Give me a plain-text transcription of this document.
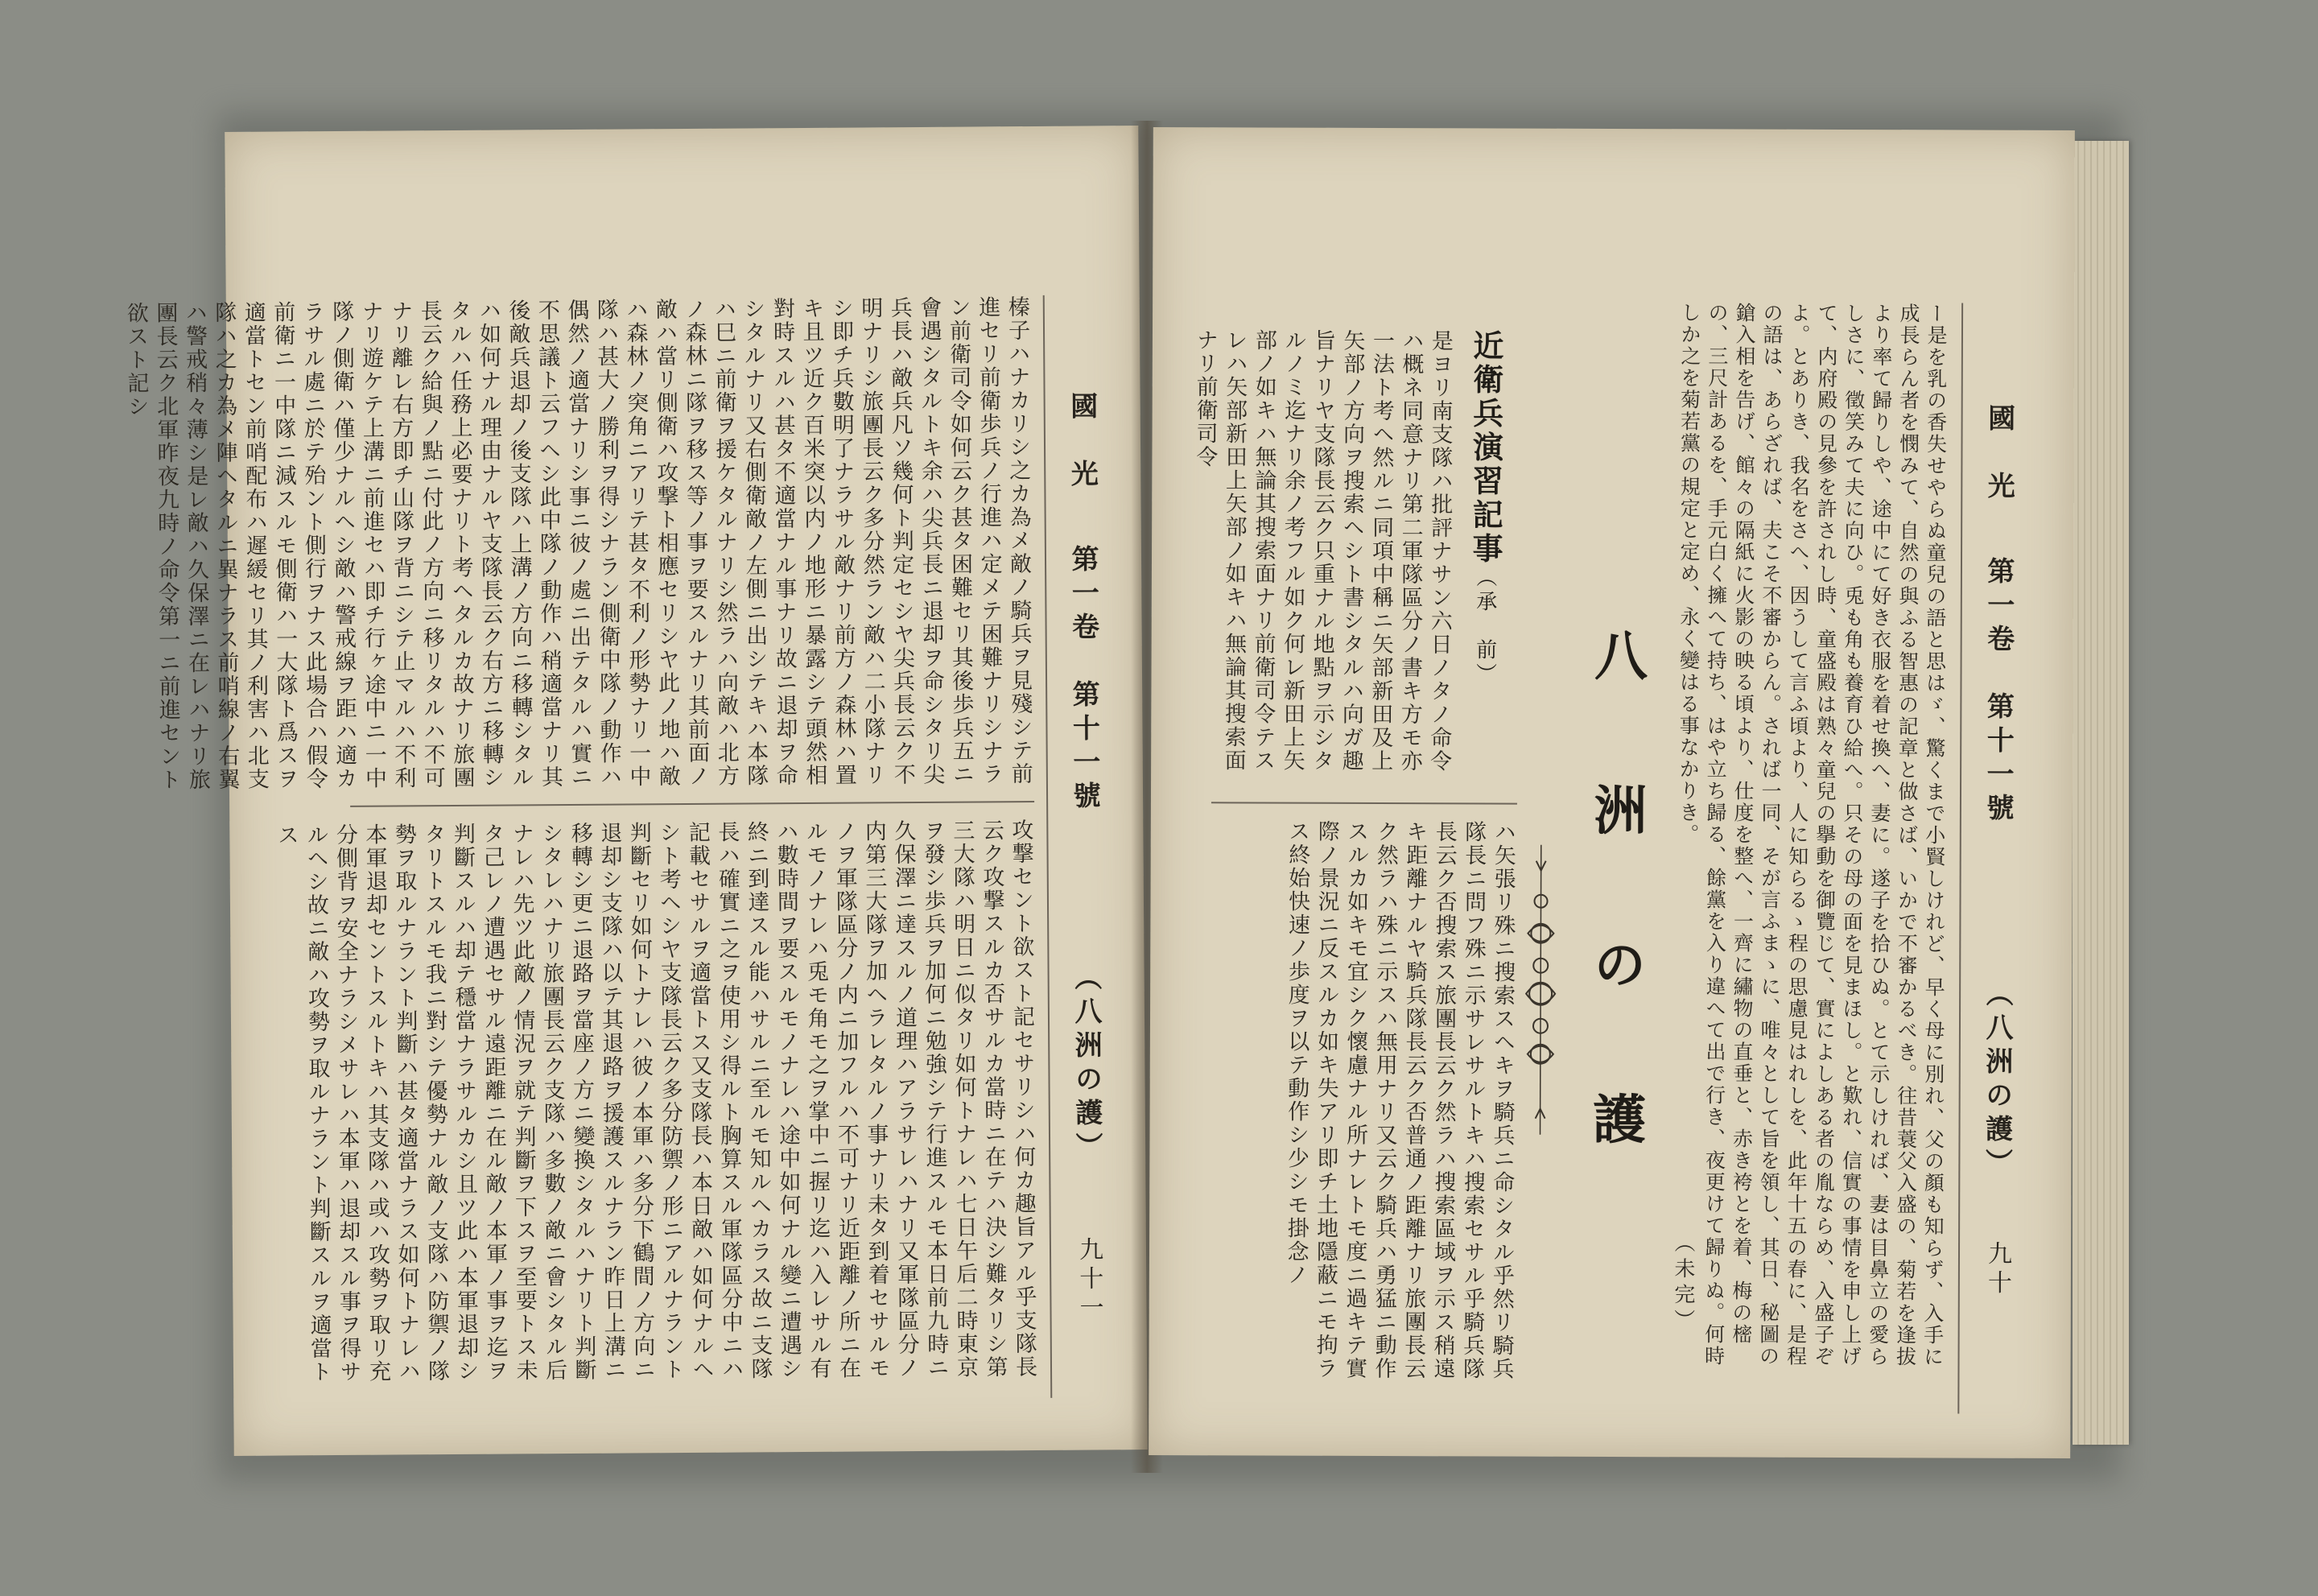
國　光
第一卷　第十一號
（八洲の護）
九十一
榛子ハナカリシ之カ為メ敵ノ騎兵ヲ見殘シテ前進セリ前衛歩兵ノ行進ハ定メテ困難ナリシナラン前衛司令如何云ク甚タ困難セリ其後歩兵五ニ會遇シタルトキ余ハ尖兵長ニ退却ヲ命シタリ尖兵長ハ敵兵凡ソ幾何ト判定セシヤ尖兵長云ク不明ナリシ旅團長云ク多分然ラン敵ハ二小隊ナリシ即チ兵數明了ナラサル敵ナリ前方ノ森林ハ置キ且ツ近ク百米突以内ノ地形ニ暴露シテ頭然相對時スルハ甚タ不適當ナル事ナリ故ニ退却ヲ命シタルナリ又右側衛敵ノ左側ニ出シテキハ本隊ハ巳ニ前衛ヲ援ケタルナリシ然ラハ向敵ハ北方ノ森林ニ隊ヲ移ス等ノ事ヲ要スルナリ其前面ノ敵ハ當リ側衛ハ攻撃ト相應セリシヤ此ノ地ハ敵ハ森林ノ突角ニアリテ甚タ不利ノ形勢ナリ一中隊ハ甚大ノ勝利ヲ得シナラン側衛中隊ノ動作ハ偶然ノ適當ナリシ事ニ彼ノ處ニ出テタルハ實ニ不思議ト云フヘシ此中隊ノ動作ハ稍適當ナリ其後敵兵退却ノ後支隊ハ上溝ノ方向ニ移轉シタルハ如何ナル理由ナルヤ支隊長云ク右方ニ移轉シタルハ任務上必要ナリト考ヘタルカ故ナリ旅團長云ク給與ノ點ニ付此ノ方向ニ移リタルハ不可ナリ離レ右方即チ山隊ヲ背ニシテ止マルハ不利ナリ遊ケテ上溝ニ前進セハ即チ行ヶ途中ニ一中隊ノ側衛ハ僅少ナルヘシ敵ハ警戒線ヲ距ハ適カラサル處ニ於テ殆ント側行ヲナス此場合ハ假令前衛ニ一中隊ニ減スルモ側衛ハ一大隊ト爲スヲ適當トセン前哨配布ハ遲緩セリ其ノ利害ハ北支隊ハ之カ為メ陣ヘタルニ異ナラス前哨線ノ右翼ハ警戒稍々薄シ是レ敵ハ久保澤ニ在レハナリ旅團長云ク北軍昨夜九時ノ命令第一ニ前進セント欲スト記シ
攻撃セント欲スト記セサリシハ何カ趣旨アル乎支隊長云ク攻撃スルカ否サルカ當時ニ在テハ決シ難タリシ第三大隊ハ明日ニ似タリ如何トナレハ七日午后二時東京ヲ發シ歩兵ヲ加何ニ勉強シテ行進スルモ本日前九時ニ久保澤ニ達スルノ道理ハアラサレハナリ又軍隊區分ノ内第三大隊ヲ加ヘラレタルノ事ナリ未タ到着セサルモノヲ軍隊區分ノ内ニ加フルハ不可ナリ近距離ノ所ニ在ルモノナレハ兎モ角モ之ヲ掌中ニ握リ迄ハ入レサル有ハ數時間ヲ要スルモノナレハ途中如何ナル變ニ遭遇シ終ニ到達スル能ハサルニ至ルモ知ルヘカラス故ニ支隊長ハ確實ニ之ヲ使用シ得ルト胸算スル軍隊區分中ニハ記載セサルヲ適當トス又支隊長ハ本日敵ハ如何ナルヘシト考ヘシヤ支隊長云ク多分防禦ノ形ニアルナラント判斷セリ如何トナレハ彼ノ本軍ハ多分下鶴間ノ方向ニ退却シ支隊ハ以テ其退路ヲ援護スルナラン昨日上溝ニ移轉シ更ニ退路ヲ當座ノ方ニ變換シタルハナリト判斷シタレハナリ旅團長云ク支隊ハ多數ノ敵ニ會シタル后ナレハ先ツ此敵ノ情況ヲ就テ判斷ヲ下スヲ至要トス未タ己レノ遭遇セサル遠距離ニ在ル敵ノ本軍ノ事ヲ迄ヲ判斷スルハ却テ穩當ナラサルカシ且ツ此ハ本軍退却シタリトスルモ我ニ對シテ優勢ナル敵ノ支隊ハ防禦ノ隊勢ヲ取ルナラント判斷ハ甚タ適當ナラス如何トナレハ本軍退却セントスルトキハ其支隊ハ或ハ攻勢ヲ取リ充分側背ヲ安全ナラシメサレハ本軍ハ退却スル事ヲ得サルヘシ故ニ敵ハ攻勢ヲ取ルナラント判斷スルヲ適當トス
國　光
第一卷　第十一號
（八洲の護）
九十
ー是を乳の香失せやらぬ童兒の語と思はゞ、驚くまで小賢しけれど、早く母に別れ、父の顏も知らず、入手に成長らん者を憫みて、自然の與ふる智惠の記章と做さば、いかで不審かるべき。往昔蓑父入盛の、菊若を逢拔より率て歸りしや、途中にて好き衣服を着せ換へ、妻に。遂子を拾ひぬ。とて示しければ、妻は目鼻立の愛らしさに、徵笑みて夫に向ひ。兎も角も養育ひ給へ。只その母の面を見まほし。と歎れ、信實の事情を申し上げて、内府殿の見參を許されし時、童盛殿は熟々童兒の擧動を御覽じて、實によしある者の胤ならめ、入盛子ぞよ。とありき、我名をさへ、因うして言ふ頃より、人に知らるゝ程の思慮見はれしを、此年十五の春に、是程の語は、あらざれば、夫こそ不審からん。されば一同、そが言ふまゝに、唯々として旨を領し、其日、秘圖の鎗入相を告げ、館々の隔紙に火影の映る頃より、仕度を整へ、一齊に繡物の直垂と、赤き袴とを着、梅の樒の、三尺計あるを、手元白く擁へて持ち、はや立ち歸る、餘黨を入り違へて出で行き、夜更けて歸りぬ。何時しか之を菊若黨の規定と定め、永く變はる事なかりき。
（未完）
八　洲　の　護
近衛兵演習記事（承　前）
是ヨリ南支隊ハ批評ナサン六日ノタノ命令ハ概ネ同意ナリ第二軍隊區分ノ書キ方モ亦一法ト考ヘ然ルニ同項中稱ニ矢部新田及上矢部ノ方向ヲ搜索ヘシト書シタルハ向ガ趣旨ナリヤ支隊長云ク只重ナル地點ヲ示シタルノミ迄ナリ余ノ考フル如ク何レ新田上矢部ノ如キハ無論其搜索面ナリ前衛司令テスレハ矢部新田上矢部ノ如キハ無論其搜索面ナリ前衛司令
ハ矢張リ殊ニ搜索スヘキヲ騎兵ニ命シタル乎然リ騎兵隊長ニ問フ殊ニ示サレサルトキハ搜索セサル乎騎兵隊長云ク否搜索ス旅團長云ク然ラハ搜索區域ヲ示ス稍遠キ距離ナルヤ騎兵隊長云ク否普通ノ距離ナリ旅團長云ク然ラハ殊ニ示スハ無用ナリ又云ク騎兵ハ勇猛ニ動作スルカ如キモ宜シク懷慮ナル所ナレトモ度ニ過キテ實際ノ景況ニ反スルカ如キ失アリ即チ土地隱蔽ニモ拘ラス終始快速ノ歩度ヲ以テ動作シ少シモ掛念ノ
